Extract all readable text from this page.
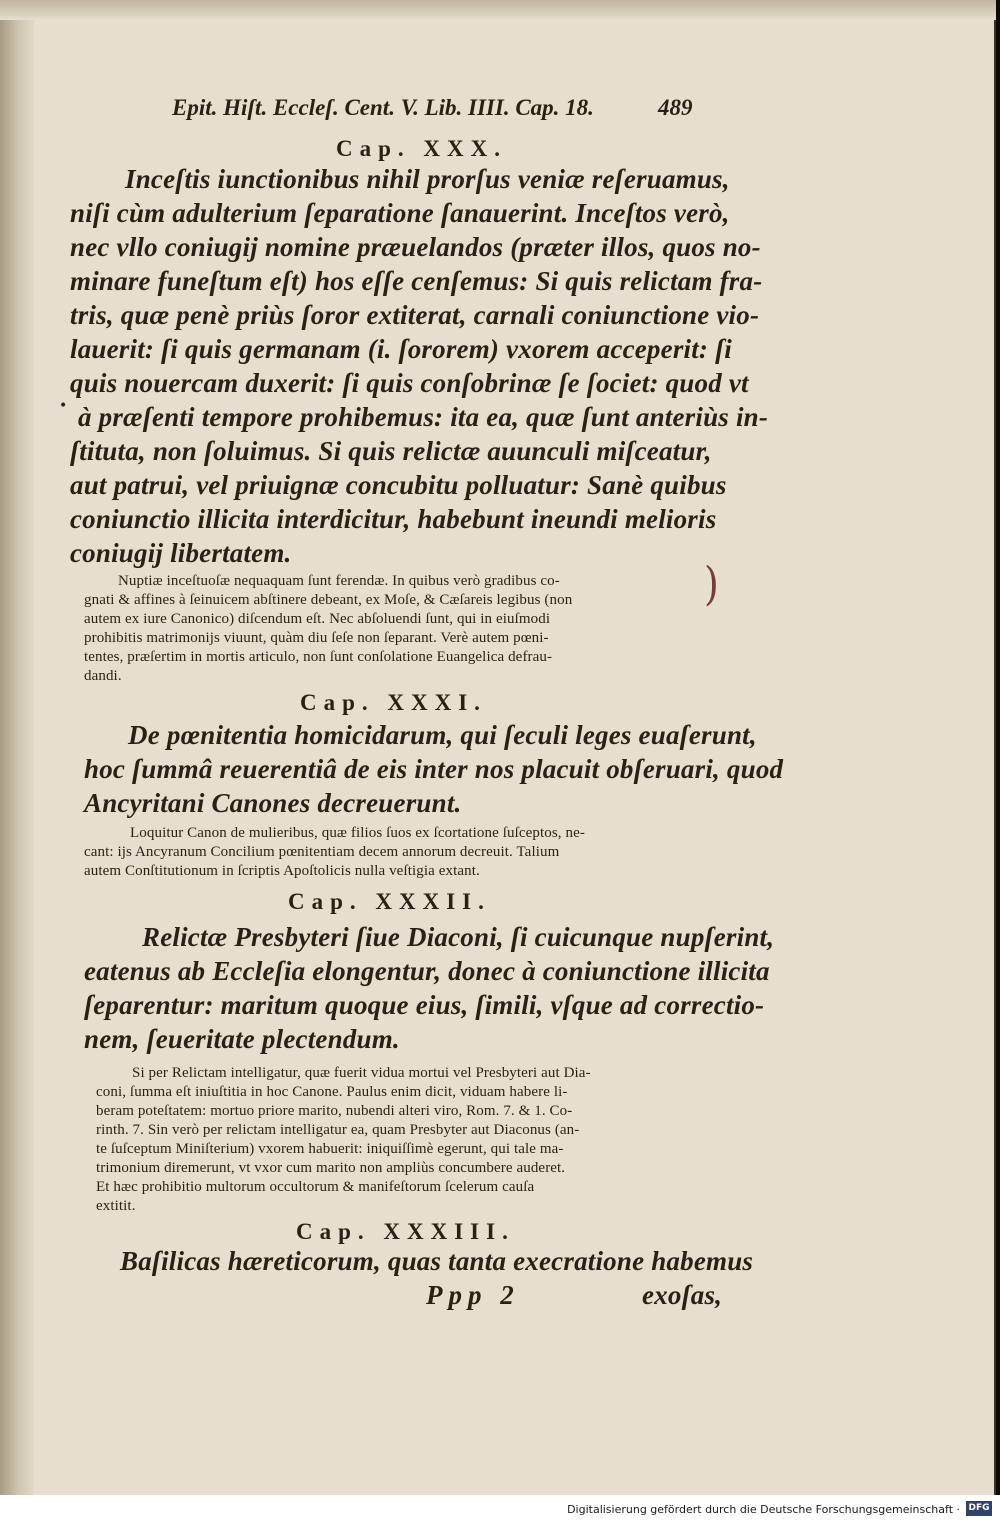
Epit. Hiſt. Eccleſ. Cent. V. Lib. IIII. Cap. 18.	489

Cap. XXX.

Inceſtis iunctionibus nihil prorſus veniæ reſeruamus,

niſi cùm adulterium ſeparatione ſanauerint. Inceſtos verò,

nec vllo coniugij nomine præuelandos (præter illos, quos no-

minare funeſtum eſt) hos eſſe cenſemus: Si quis relictam fra-

tris, quæ penè priùs ſoror extiterat, carnali coniunctione vio-

lauerit: ſi quis germanam (i. ſororem) vxorem acceperit: ſi

quis nouercam duxerit: ſi quis conſobrinæ ſe ſociet: quod vt

• à præſenti tempore prohibemus: ita ea, quæ ſunt anteriùs in-

ſtituta, non ſoluimus. Si quis relictæ auunculi miſceatur,

aut patrui, vel priuignæ concubitu polluatur: Sanè quibus

coniunctio illicita interdicitur, habebunt ineundi melioris

coniugij libertatem.

Nuptiæ inceſtuoſæ nequaquam ſunt ferendæ. In quibus verò gradibus co-

gnati & affines à ſeinuicem abſtinere debeant, ex Moſe, & Cæſareis legibus (non

autem ex iure Canonico) diſcendum eſt. Nec abſoluendi ſunt, qui in eiuſmodi

prohibitis matrimonijs viuunt, quàm diu ſeſe non ſeparant. Verè autem pœni-

tentes, præſertim in mortis articulo, non ſunt conſolatione Euangelica defrau-

dandi.

)

Cap. XXXI.

De pœnitentia homicidarum, qui ſeculi leges euaſerunt,

hoc ſummâ reuerentiâ de eis inter nos placuit obſeruari, quod

Ancyritani Canones decreuerunt.

Loquitur Canon de mulieribus, quæ filios ſuos ex ſcortatione ſuſceptos, ne-

cant: ijs Ancyranum Concilium pœnitentiam decem annorum decreuit. Talium

autem Conſtitutionum in ſcriptis Apoſtolicis nulla veſtigia extant.

Cap. XXXII.

Relictæ Presbyteri ſiue Diaconi, ſi cuicunque nupſerint,

eatenus ab Eccleſia elongentur, donec à coniunctione illicita

ſeparentur: maritum quoque eius, ſimili, vſque ad correctio-

nem, ſeueritate plectendum.

Si per Relictam intelligatur, quæ fuerit vidua mortui vel Presbyteri aut Dia-

coni, ſumma eſt iniuſtitia in hoc Canone. Paulus enim dicit, viduam habere li-

beram poteſtatem: mortuo priore marito, nubendi alteri viro, Rom. 7. & 1. Co-

rinth. 7. Sin verò per relictam intelligatur ea, quam Presbyter aut Diaconus (an-

te ſuſceptum Miniſterium) vxorem habuerit: iniquiſſimè egerunt, qui tale ma-

trimonium diremerunt, vt vxor cum marito non ampliùs concumbere auderet.

Et hæc prohibitio multorum occultorum & manifeſtorum ſcelerum cauſa

extitit.

Cap. XXXIII.

Baſilicas hæreticorum, quas tanta execratione habemus

Ppp 2	exoſas,

Digitalisierung gefördert durch die Deutsche Forschungsgemeinschaft · DFG
